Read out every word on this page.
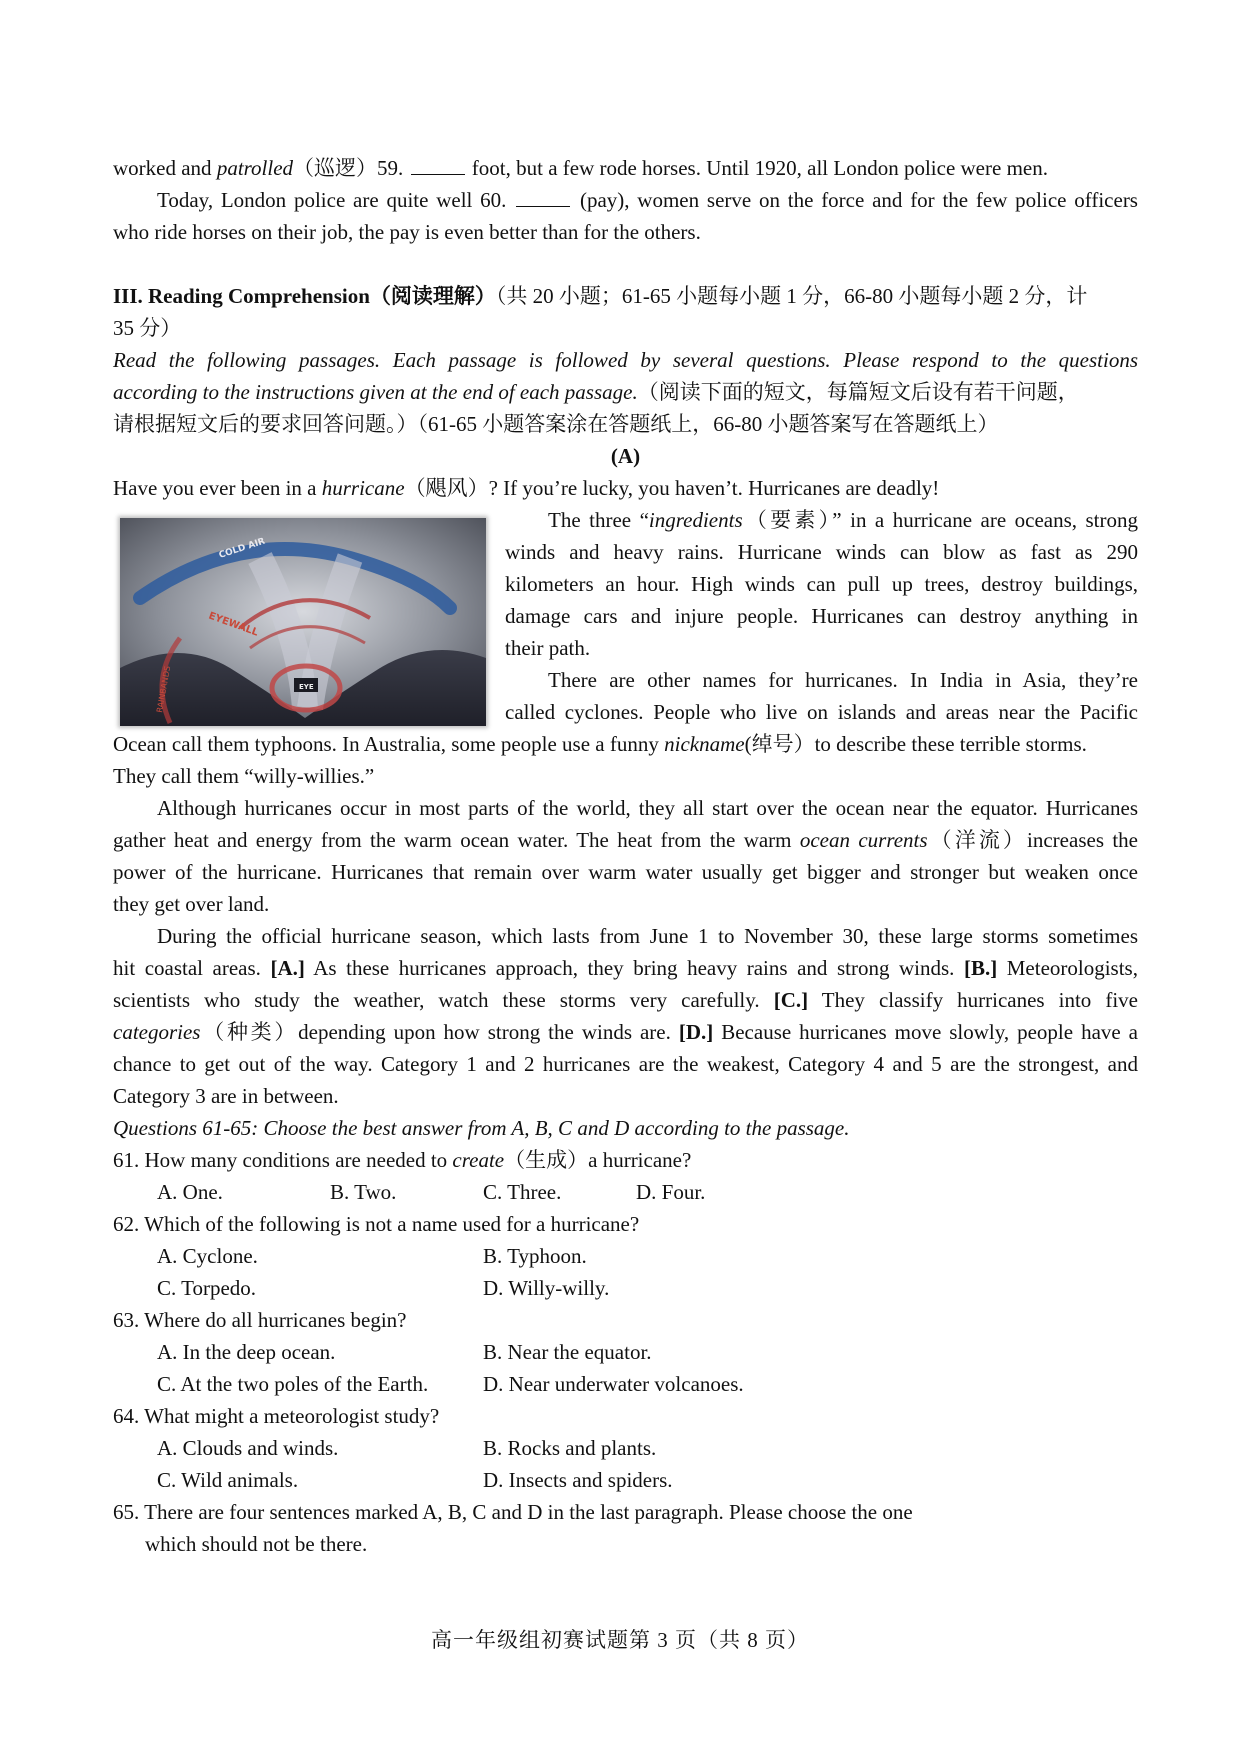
worked and patrolled（巡逻）59.	foot, but a few rode horses. Until 1920, all London police were men.
Today, London police are quite well 60.	(pay), women serve on the force and for the few police officers
who ride horses on their job, the pay is even better than for the others.
III. Reading Comprehension（阅读理解）（共 20 小题；61-65 小题每小题 1 分，66-80 小题每小题 2 分，计
35 分）
Read the following passages. Each passage is followed by several questions. Please respond to the questions
according to the instructions given at the end of each passage.（阅读下面的短文，每篇短文后设有若干问题，
请根据短文后的要求回答问题。）（61-65 小题答案涂在答题纸上，66-80 小题答案写在答题纸上）
(A)
Have you ever been in a hurricane（飓风）? If you’re lucky, you haven’t. Hurricanes are deadly!
COLD AIR
EYEWALL
EYE
RAINBANDS
The three “ingredients（要素）” in a hurricane are oceans, strong
winds and heavy rains. Hurricane winds can blow as fast as 290
kilometers an hour. High winds can pull up trees, destroy buildings,
damage cars and injure people. Hurricanes can destroy anything in
their path.
There are other names for hurricanes. In India in Asia, they’re
called cyclones. People who live on islands and areas near the Pacific
Ocean call them typhoons. In Australia, some people use a funny nickname(绰号）to describe these terrible storms.
They call them “willy-willies.”
Although hurricanes occur in most parts of the world, they all start over the ocean near the equator. Hurricanes
gather heat and energy from the warm ocean water. The heat from the warm ocean currents（洋流）increases the
power of the hurricane. Hurricanes that remain over warm water usually get bigger and stronger but weaken once
they get over land.
During the official hurricane season, which lasts from June 1 to November 30, these large storms sometimes
hit coastal areas. [A.] As these hurricanes approach, they bring heavy rains and strong winds. [B.] Meteorologists,
scientists who study the weather, watch these storms very carefully. [C.] They classify hurricanes into five
categories（种类）depending upon how strong the winds are. [D.] Because hurricanes move slowly, people have a
chance to get out of the way. Category 1 and 2 hurricanes are the weakest, Category 4 and 5 are the strongest, and
Category 3 are in between.
Questions 61-65: Choose the best answer from A, B, C and D according to the passage.
61. How many conditions are needed to create（生成）a hurricane?
A. One.	B. Two.	C. Three.	D. Four.
62. Which of the following is not a name used for a hurricane?
A. Cyclone.	B. Typhoon.
C. Torpedo.	D. Willy-willy.
63. Where do all hurricanes begin?
A. In the deep ocean.	B. Near the equator.
C. At the two poles of the Earth.	D. Near underwater volcanoes.
64. What might a meteorologist study?
A. Clouds and winds.	B. Rocks and plants.
C. Wild animals.	D. Insects and spiders.
65. There are four sentences marked A, B, C and D in the last paragraph. Please choose the one
which should not be there.
高一年级组初赛试题第 3 页（共 8 页）
